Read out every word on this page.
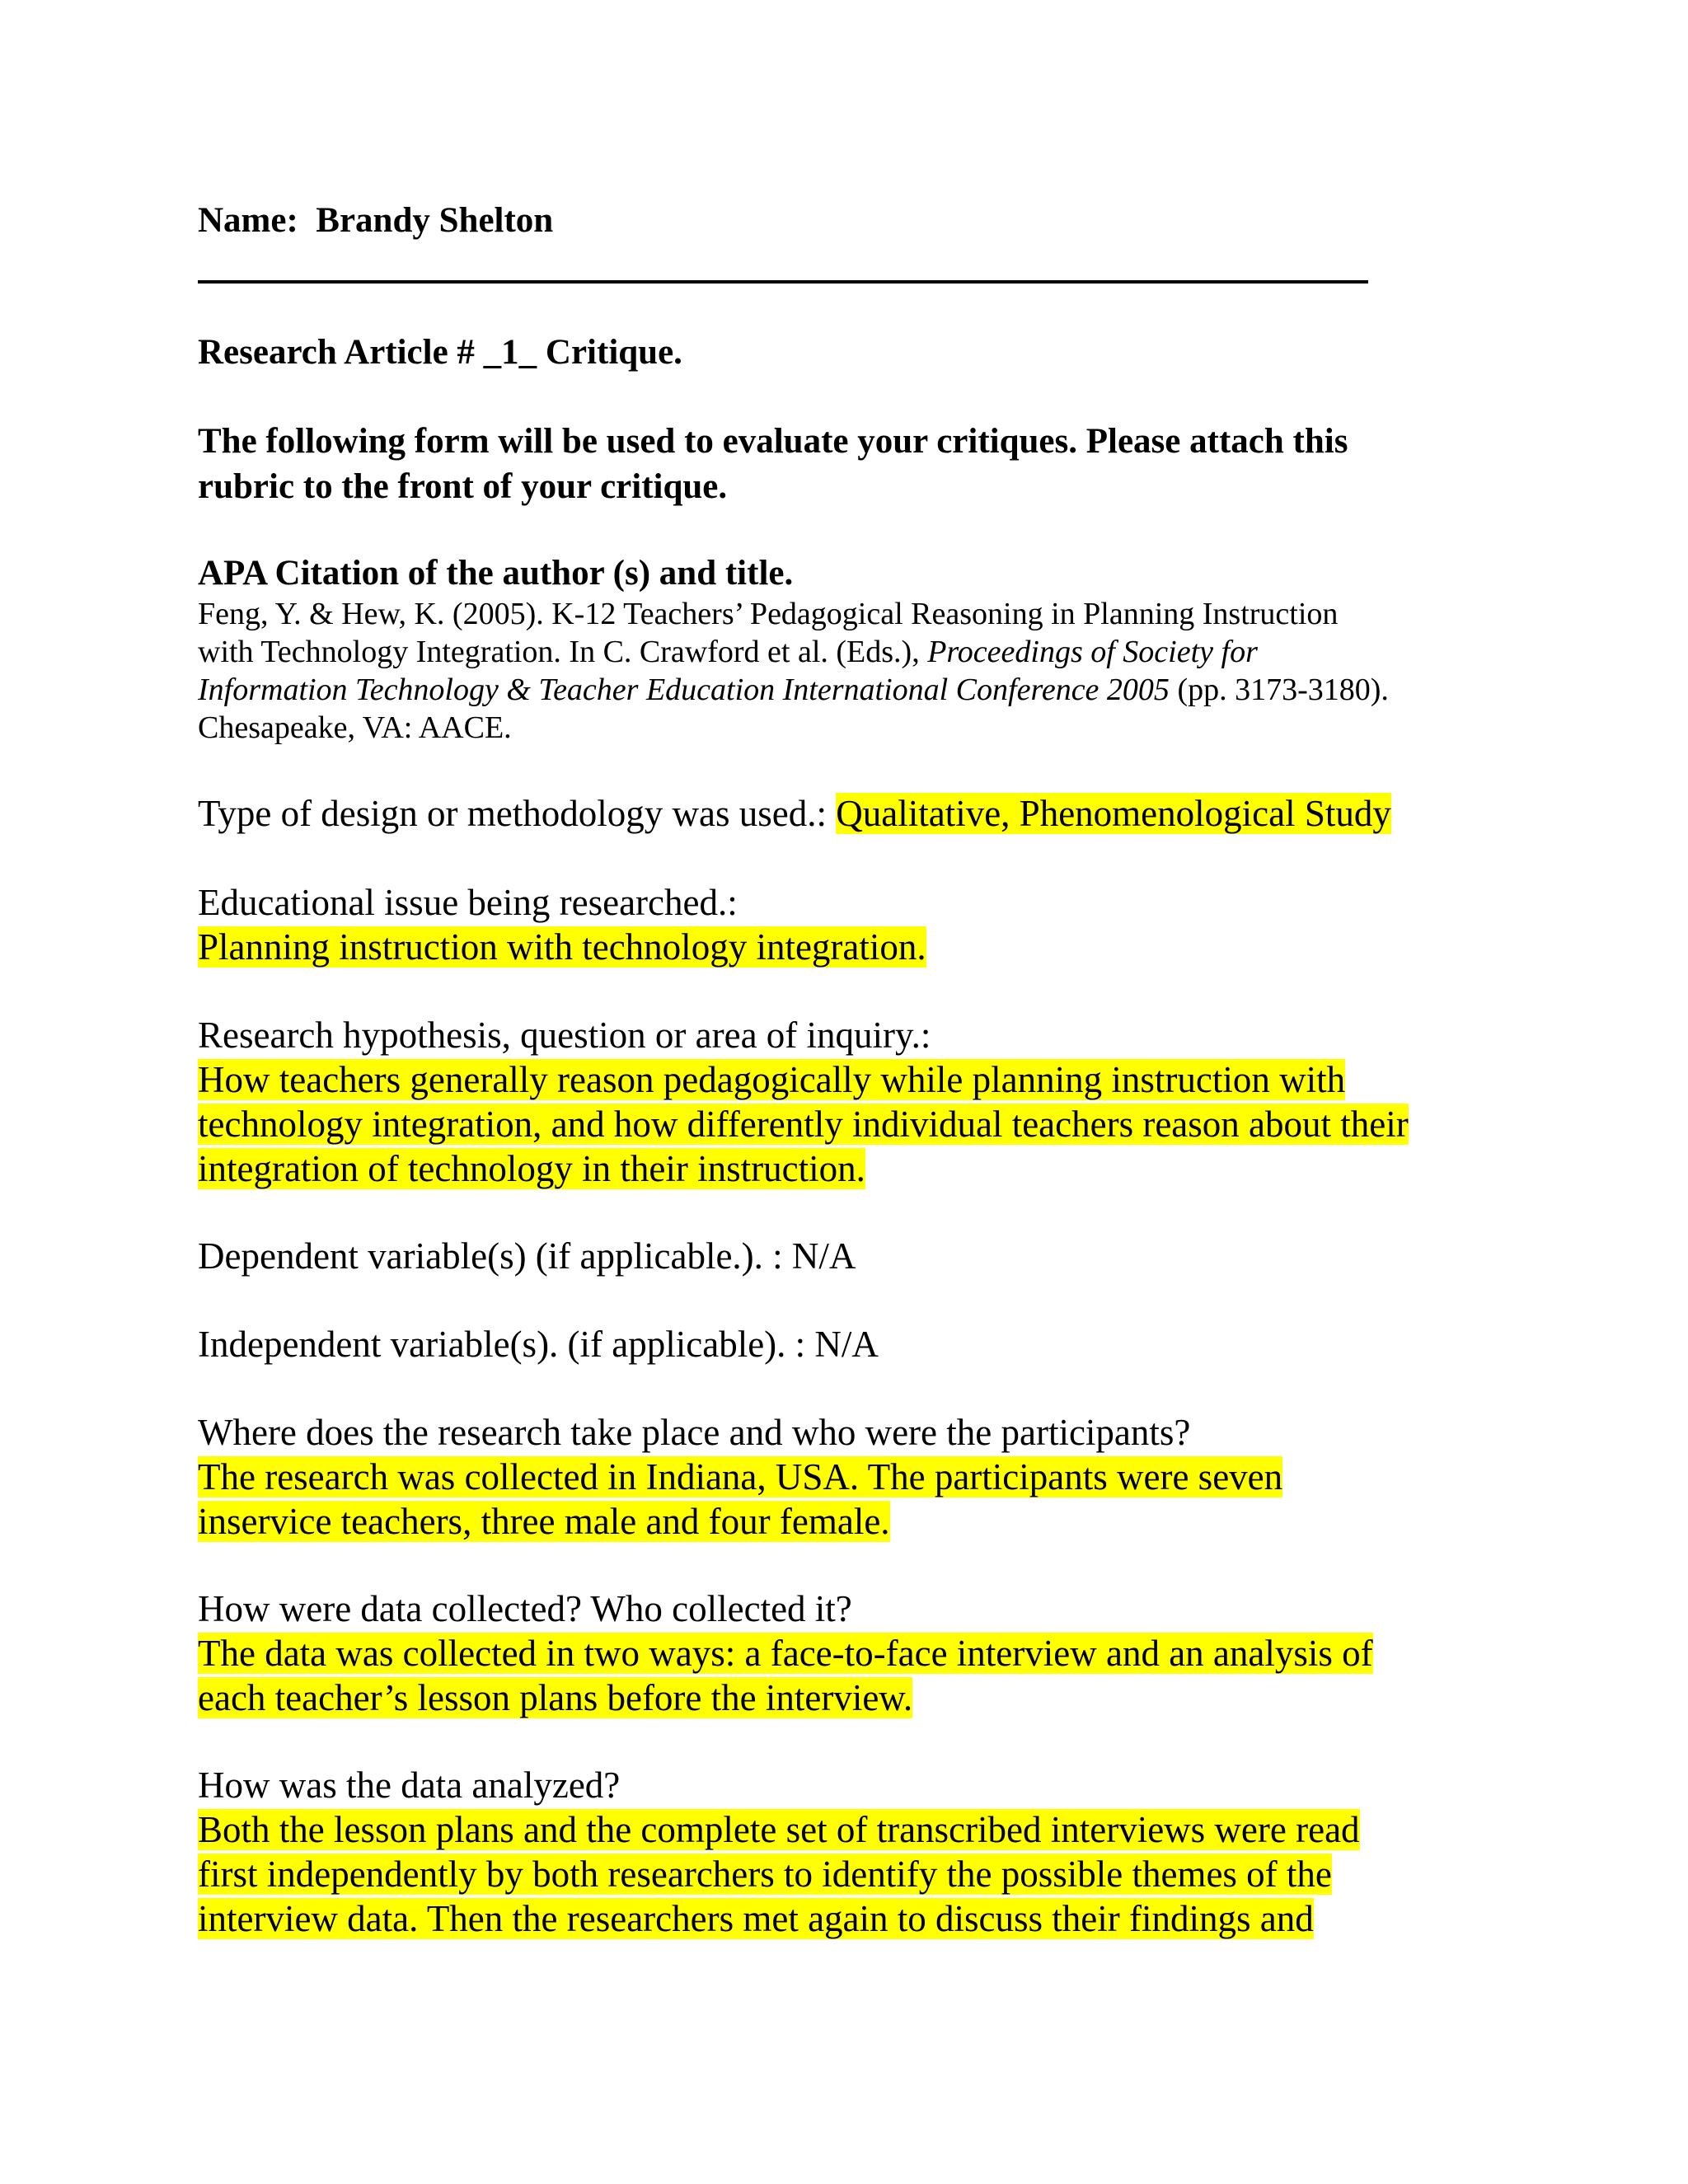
Name: Brandy Shelton

Research Article # _1_ Critique.

The following form will be used to evaluate your critiques. Please attach this
rubric to the front of your critique.

APA Citation of the author (s) and title.

Feng, Y. & Hew, K. (2005). K-12 Teachers’ Pedagogical Reasoning in Planning Instruction
with Technology Integration. In C. Crawford et al. (Eds.), Proceedings of Society for
Information Technology & Teacher Education International Conference 2005 (pp. 3173-3180).
Chesapeake, VA: AACE.

Type of design or methodology was used.: Qualitative, Phenomenological Study

Educational issue being researched.:
Planning instruction with technology integration.
Research hypothesis, question or area of inquiry.:
How teachers generally reason pedagogically while planning instruction with
technology integration, and how differently individual teachers reason about their
integration of technology in their instruction.

Dependent variable(s) (if applicable.). : N/A

Independent variable(s). (if applicable). : N/A

Where does the research take place and who were the participants?
The research was collected in Indiana, USA. The participants were seven
inservice teachers, three male and four female.
How were data collected? Who collected it?
The data was collected in two ways: a face-to-face interview and an analysis of
each teacher’s lesson plans before the interview.
How was the data analyzed?
Both the lesson plans and the complete set of transcribed interviews were read
first independently by both researchers to identify the possible themes of the
interview data. Then the researchers met again to discuss their findings and
